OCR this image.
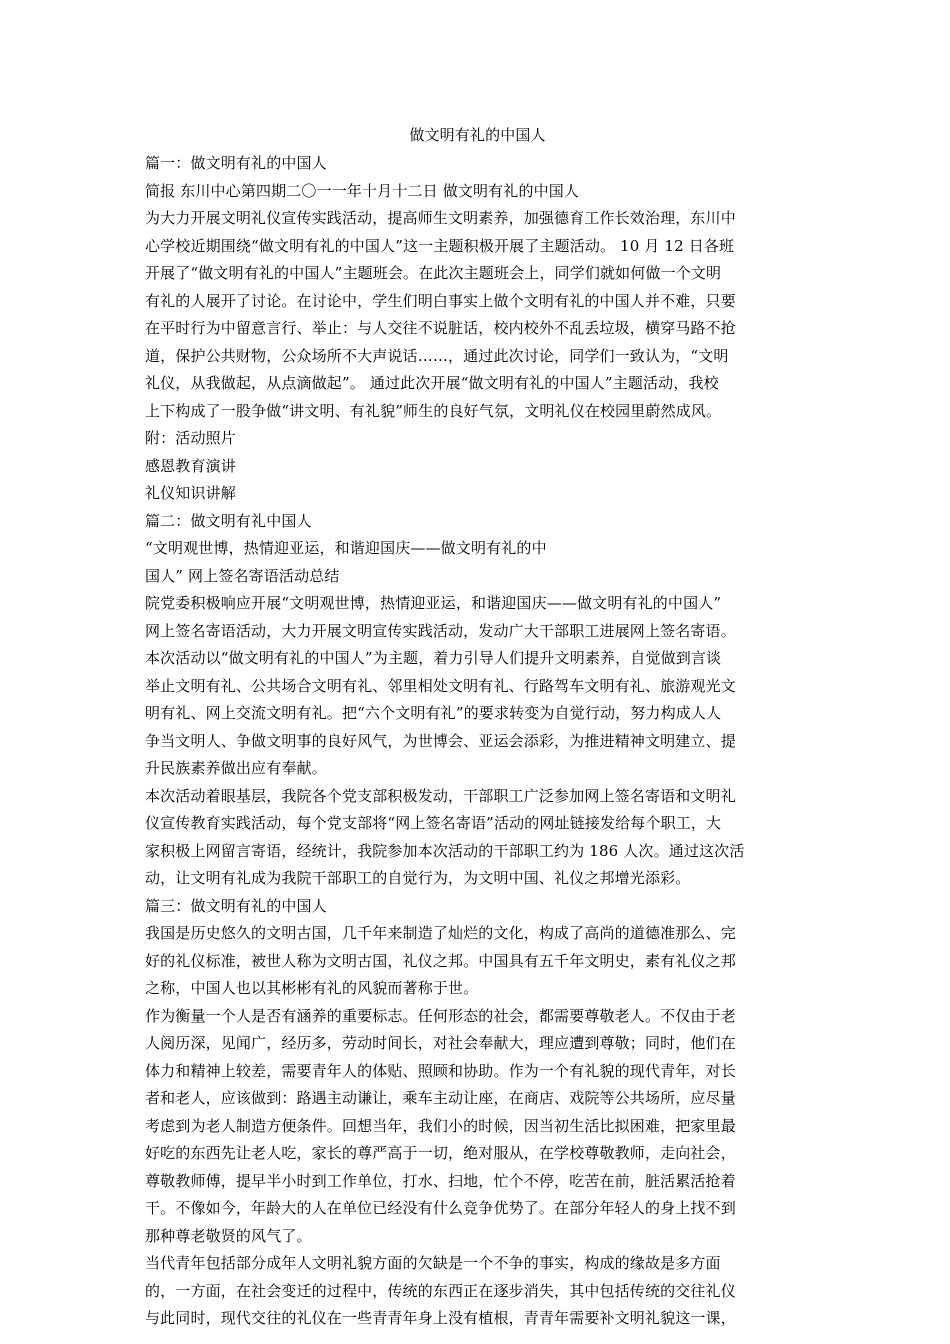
做文明有礼的中国人
篇一：做文明有礼的中国人
简报 东川中心第四期二〇一一年十月十二日 做文明有礼的中国人
为大力开展文明礼仪宣传实践活动，提高师生文明素养，加强德育工作长效治理，东川中
心学校近期围绕“做文明有礼的中国人”这一主题积极开展了主题活动。 10 月 12 日各班
开展了“做文明有礼的中国人”主题班会。在此次主题班会上，同学们就如何做一个文明
有礼的人展开了讨论。在讨论中，学生们明白事实上做个文明有礼的中国人并不难，只要
在平时行为中留意言行、举止：与人交往不说脏话，校内校外不乱丢垃圾，横穿马路不抢
道，保护公共财物，公众场所不大声说话……，通过此次讨论，同学们一致认为，“文明
礼仪，从我做起，从点滴做起”。 通过此次开展“做文明有礼的中国人”主题活动，我校
上下构成了一股争做“讲文明、有礼貌”师生的良好气氛，文明礼仪在校园里蔚然成风。
附：活动照片
感恩教育演讲
礼仪知识讲解
篇二：做文明有礼中国人
“文明观世博，热情迎亚运，和谐迎国庆——做文明有礼的中
国人” 网上签名寄语活动总结
院党委积极响应开展“文明观世博，热情迎亚运，和谐迎国庆——做文明有礼的中国人”
网上签名寄语活动，大力开展文明宣传实践活动，发动广大干部职工进展网上签名寄语。
本次活动以“做文明有礼的中国人”为主题，着力引导人们提升文明素养，自觉做到言谈
举止文明有礼、公共场合文明有礼、邻里相处文明有礼、行路驾车文明有礼、旅游观光文
明有礼、网上交流文明有礼。把“六个文明有礼”的要求转变为自觉行动，努力构成人人
争当文明人、争做文明事的良好风气，为世博会、亚运会添彩，为推进精神文明建立、提
升民族素养做出应有奉献。
本次活动着眼基层，我院各个党支部积极发动，干部职工广泛参加网上签名寄语和文明礼
仪宣传教育实践活动，每个党支部将“网上签名寄语”活动的网址链接发给每个职工，大
家积极上网留言寄语，经统计，我院参加本次活动的干部职工约为 186 人次。通过这次活
动，让文明有礼成为我院干部职工的自觉行为，为文明中国、礼仪之邦增光添彩。
篇三：做文明有礼的中国人
我国是历史悠久的文明古国，几千年来制造了灿烂的文化，构成了高尚的道德准那么、完
好的礼仪标准，被世人称为文明古国，礼仪之邦。中国具有五千年文明史，素有礼仪之邦
之称，中国人也以其彬彬有礼的风貌而著称于世。
作为衡量一个人是否有涵养的重要标志。任何形态的社会，都需要尊敬老人。不仅由于老
人阅历深，见闻广，经历多，劳动时间长，对社会奉献大，理应遭到尊敬；同时，他们在
体力和精神上较差，需要青年人的体贴、照顾和协助。作为一个有礼貌的现代青年，对长
者和老人，应该做到：路遇主动谦让，乘车主动让座，在商店、戏院等公共场所，应尽量
考虑到为老人制造方便条件。回想当年，我们小的时候，因当初生活比拟困难，把家里最
好吃的东西先让老人吃，家长的尊严高于一切，绝对服从，在学校尊敬教师，走向社会，
尊敬教师傅，提早半小时到工作单位，打水、扫地，忙个不停，吃苦在前，脏活累活抢着
干。不像如今，年龄大的人在单位已经没有什么竞争优势了。在部分年轻人的身上找不到
那种尊老敬贤的风气了。
当代青年包括部分成年人文明礼貌方面的欠缺是一个不争的事实，构成的缘故是多方面
的，一方面，在社会变迁的过程中，传统的东西正在逐步消失，其中包括传统的交往礼仪
与此同时，现代交往的礼仪在一些青青年身上没有植根，青青年需要补文明礼貌这一课，
